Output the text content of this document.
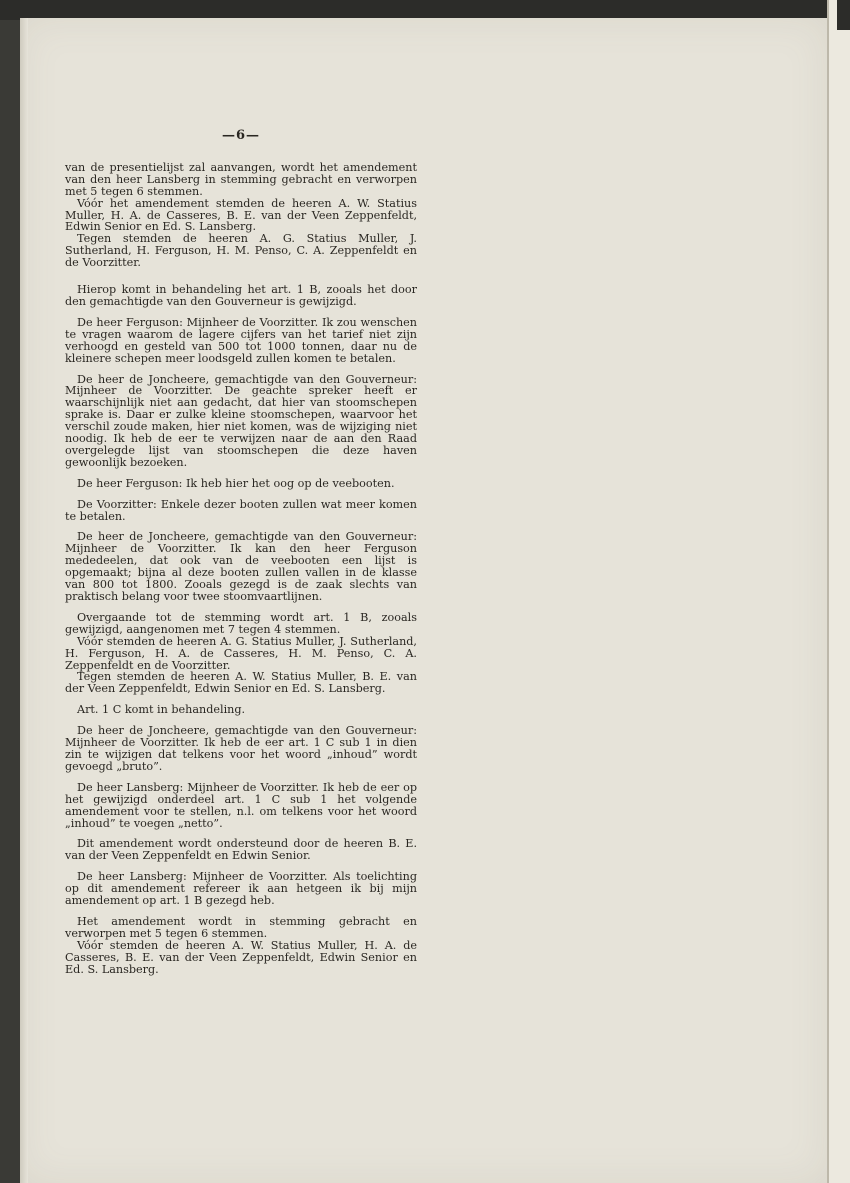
—6—

van de presentielijst zal aanvangen, wordt het amendement van den heer Lansberg in stemming gebracht en verworpen met 5 tegen 6 stemmen.

Vóór het amendement stemden de heeren A. W. Statius Muller, H. A. de Casseres, B. E. van der Veen Zeppenfeldt, Edwin Senior en Ed. S. Lansberg.

Tegen stemden de heeren A. G. Statius Muller, J. Sutherland, H. Ferguson, H. M. Penso, C. A. Zeppenfeldt en de Voorzitter.

Hierop komt in behandeling het art. 1 B, zooals het door den gemachtigde van den Gouverneur is gewijzigd.

De heer Ferguson: Mijnheer de Voorzitter. Ik zou wenschen te vragen waarom de lagere cijfers van het tarief niet zijn verhoogd en gesteld van 500 tot 1000 tonnen, daar nu de kleinere schepen meer loodsgeld zullen komen te betalen.

De heer de Joncheere, gemachtigde van den Gouverneur: Mijnheer de Voorzitter. De geachte spreker heeft er waarschijnlijk niet aan gedacht, dat hier van stoomschepen sprake is. Daar er zulke kleine stoomschepen, waarvoor het verschil zoude maken, hier niet komen, was de wijziging niet noodig. Ik heb de eer te verwijzen naar de aan den Raad overgelegde lijst van stoomschepen die deze haven gewoonlijk bezoeken.

De heer Ferguson: Ik heb hier het oog op de veebooten.

De Voorzitter: Enkele dezer booten zullen wat meer komen te betalen.

De heer de Joncheere, gemachtigde van den Gouverneur: Mijnheer de Voorzitter. Ik kan den heer Ferguson mededeelen, dat ook van de veebooten een lijst is opgemaakt; bijna al deze booten zullen vallen in de klasse van 800 tot 1800. Zooals gezegd is de zaak slechts van praktisch belang voor twee stoomvaartlijnen.

Overgaande tot de stemming wordt art. 1 B, zooals gewijzigd, aangenomen met 7 tegen 4 stemmen.

Vóór stemden de heeren A. G. Statius Muller, J. Sutherland, H. Ferguson, H. A. de Casseres, H. M. Penso, C. A. Zeppenfeldt en de Voorzitter.

Tegen stemden de heeren A. W. Statius Muller, B. E. van der Veen Zeppenfeldt, Edwin Senior en Ed. S. Lansberg.

Art. 1 C komt in behandeling.

De heer de Joncheere, gemachtigde van den Gouverneur: Mijnheer de Voorzitter. Ik heb de eer art. 1 C sub 1 in dien zin te wijzigen dat telkens voor het woord „inhoud” wordt gevoegd „bruto”.

De heer Lansberg: Mijnheer de Voorzitter. Ik heb de eer op het gewijzigd onderdeel art. 1 C sub 1 het volgende amendement voor te stellen, n.l. om telkens voor het woord „inhoud” te voegen „netto”.

Dit amendement wordt ondersteund door de heeren B. E. van der Veen Zeppenfeldt en Edwin Senior.

De heer Lansberg: Mijnheer de Voorzitter. Als toelichting op dit amendement refereer ik aan hetgeen ik bij mijn amendement op art. 1 B gezegd heb.

Het amendement wordt in stemming gebracht en verworpen met 5 tegen 6 stemmen.

Vóór stemden de heeren A. W. Statius Muller, H. A. de Casseres, B. E. van der Veen Zeppenfeldt, Edwin Senior en Ed. S. Lansberg.
